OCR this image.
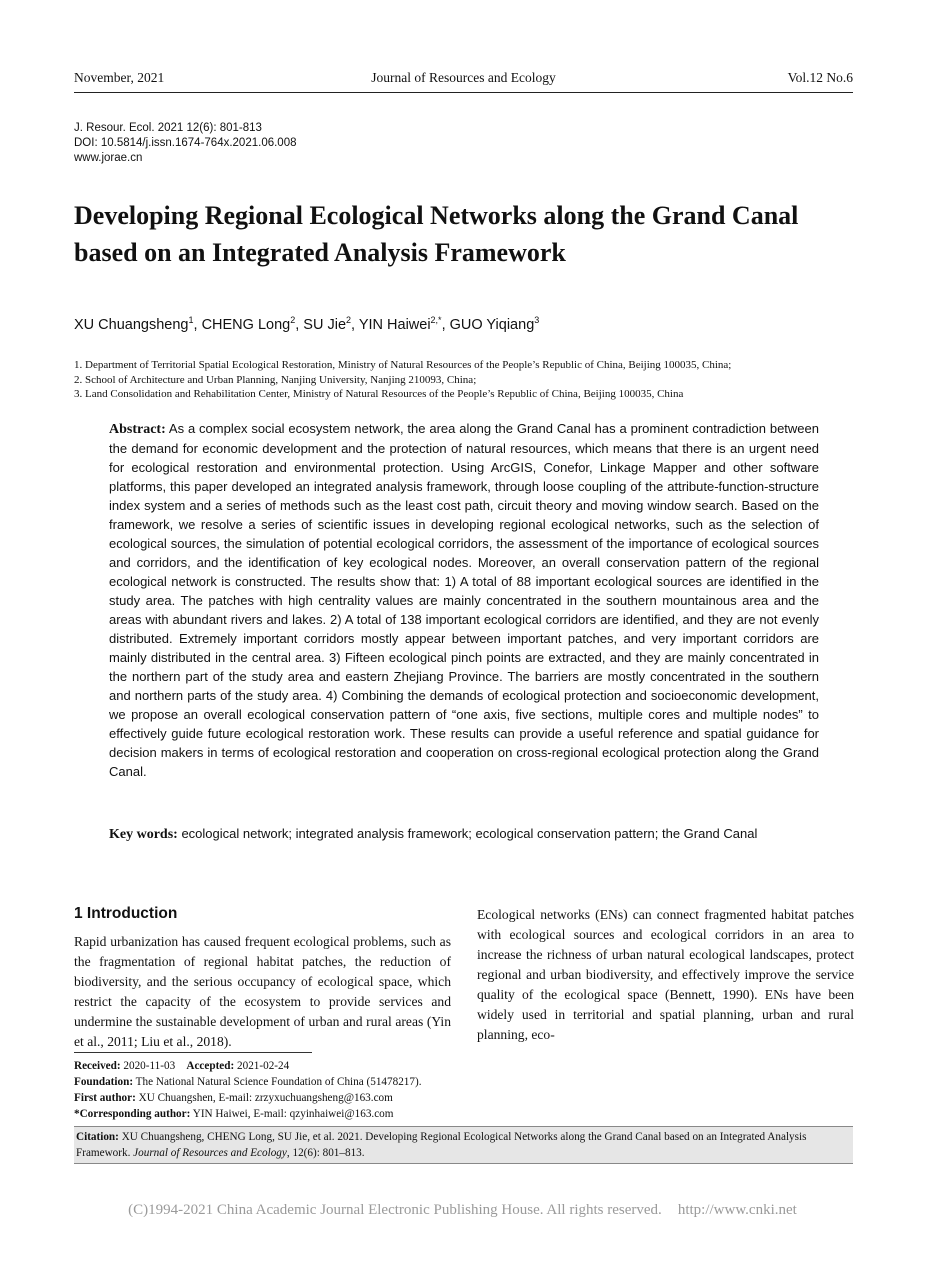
November, 2021	Journal of Resources and Ecology	Vol.12 No.6
J. Resour. Ecol. 2021 12(6): 801-813
DOI: 10.5814/j.issn.1674-764x.2021.06.008
www.jorae.cn
Developing Regional Ecological Networks along the Grand Canal
based on an Integrated Analysis Framework
XU Chuangsheng$^1$, CHENG Long$^2$, SU Jie$^2$, YIN Haiwei$^{2,*}$, GUO Yiqiang$^3$
1. Department of Territorial Spatial Ecological Restoration, Ministry of Natural Resources of the People’s Republic of China, Beijing 100035, China;
2. School of Architecture and Urban Planning, Nanjing University, Nanjing 210093, China;
3. Land Consolidation and Rehabilitation Center, Ministry of Natural Resources of the People’s Republic of China, Beijing 100035, China
Abstract: As a complex social ecosystem network, the area along the Grand Canal has a prominent contradiction between the demand for economic development and the protection of natural resources, which means that there is an urgent need for ecological restoration and environmental protection. Using ArcGIS, Conefor, Linkage Mapper and other software platforms, this paper developed an integrated analysis framework, through loose coupling of the attribute-function-structure index system and a series of methods such as the least cost path, circuit theory and moving window search. Based on the framework, we resolve a series of scientific issues in developing regional ecological networks, such as the selection of ecological sources, the simulation of potential ecological corridors, the assessment of the importance of ecological sources and corridors, and the identification of key ecological nodes. Moreover, an overall conservation pattern of the regional ecological network is constructed. The results show that: 1) A total of 88 important ecological sources are identified in the study area. The patches with high centrality values are mainly concentrated in the southern mountainous area and the areas with abundant rivers and lakes. 2) A total of 138 important ecological corridors are identified, and they are not evenly distributed. Extremely important corridors mostly appear between important patches, and very important corridors are mainly distributed in the central area. 3) Fifteen ecological pinch points are extracted, and they are mainly concentrated in the northern part of the study area and eastern Zhejiang Province. The barriers are mostly concentrated in the southern and northern parts of the study area. 4) Combining the demands of ecological protection and socioeconomic development, we propose an overall ecological conservation pattern of “one axis, five sections, multiple cores and multiple nodes” to effectively guide future ecological restoration work. These results can provide a useful reference and spatial guidance for decision makers in terms of ecological restoration and cooperation on cross-regional ecological protection along the Grand Canal.
Key words: ecological network; integrated analysis framework; ecological conservation pattern; the Grand Canal
1 Introduction
Rapid urbanization has caused frequent ecological problems, such as the fragmentation of regional habitat patches, the reduction of biodiversity, and the serious occupancy of ecological space, which restrict the capacity of the ecosystem to provide services and undermine the sustainable development of urban and rural areas (Yin et al., 2011; Liu et al., 2018).
Ecological networks (ENs) can connect fragmented habitat patches with ecological sources and ecological corridors in an area to increase the richness of urban natural ecological landscapes, protect regional and urban biodiversity, and effectively improve the service quality of the ecological space (Bennett, 1990). ENs have been widely used in territorial and spatial planning, urban and rural planning, eco-
Received: 2020-11-03 Accepted: 2021-02-24
Foundation: The National Natural Science Foundation of China (51478217).
First author: XU Chuangshen, E-mail: zrzyxuchuangsheng@163.com
*Corresponding author: YIN Haiwei, E-mail: qzyinhaiwei@163.com
Citation: XU Chuangsheng, CHENG Long, SU Jie, et al. 2021. Developing Regional Ecological Networks along the Grand Canal based on an Integrated Analysis Framework. Journal of Resources and Ecology, 12(6): 801–813.
(C)1994-2021 China Academic Journal Electronic Publishing House. All rights reserved. http://www.cnki.net
